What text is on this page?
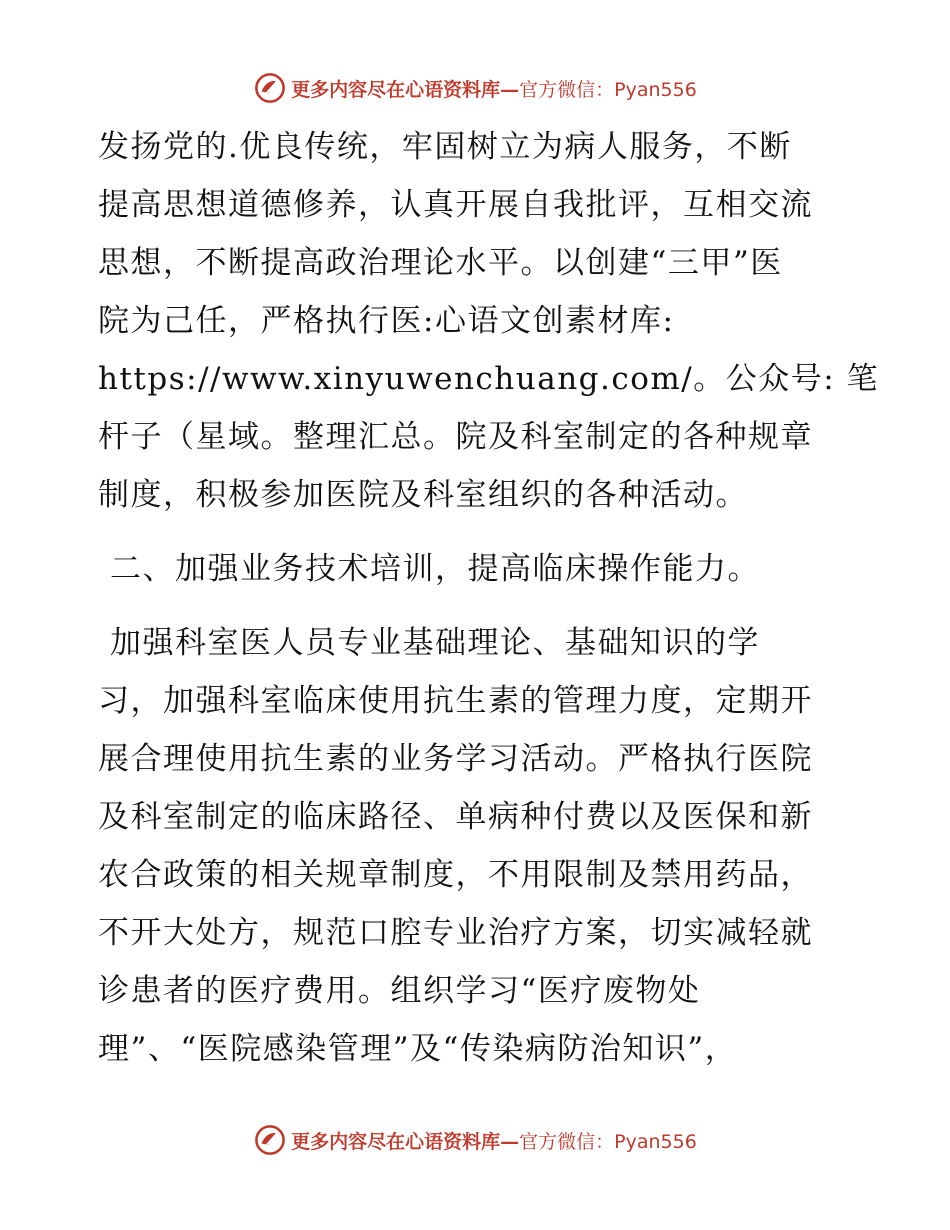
更多内容尽在心语资料库— 官方微信：Pyan556
发扬党的.优良传统，牢固树立为病人服务，不断
提高思想道德修养，认真开展自我批评，互相交流
思想，不断提高政治理论水平。以创建“三甲”医
院为己任，严格执行医:心语文创素材库:
https://www.xinyuwenchuang.com/。公众号: 笔
杆子（星域。整理汇总。院及科室制定的各种规章
制度，积极参加医院及科室组织的各种活动。
二、加强业务技术培训，提高临床操作能力。
加强科室医人员专业基础理论、基础知识的学
习，加强科室临床使用抗生素的管理力度，定期开
展合理使用抗生素的业务学习活动。严格执行医院
及科室制定的临床路径、单病种付费以及医保和新
农合政策的相关规章制度，不用限制及禁用药品，
不开大处方，规范口腔专业治疗方案，切实减轻就
诊患者的医疗费用。组织学习“医疗废物处
理”、“医院感染管理”及“传染病防治知识”，
更多内容尽在心语资料库— 官方微信：Pyan556
